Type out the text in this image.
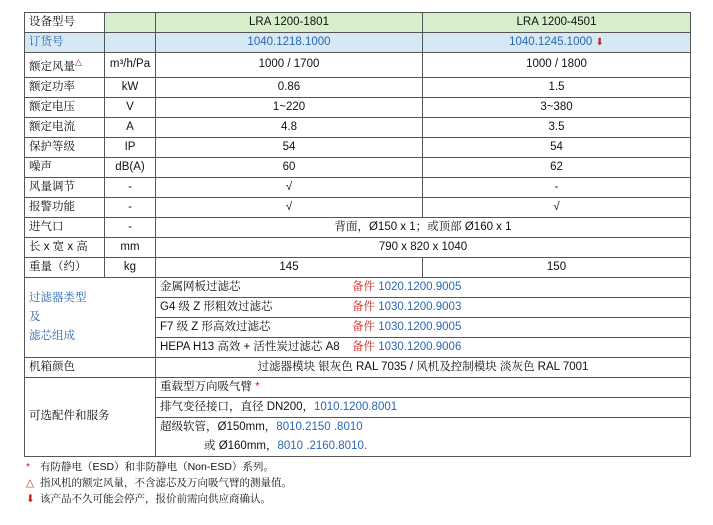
设备型号		LRA 1200-1801	LRA 1200-4501
订货号		1040.1218.1000	1040.1245.1000 ⬇
额定风量△	m³/h/Pa	1000 / 1700	1000 / 1800
额定功率	kW	0.86	1.5
额定电压	V	1~220	3~380
额定电流	A	4.8	3.5
保护等级	IP	54	54
噪声	dB(A)	60	62
风量调节	-	√	-
报警功能	-	√	√
进气口	-	背面，Ø150 x 1；或顶部 Ø160 x 1	
长 x 宽 x 高	mm	790 x 820 x 1040	
重量（约）	kg	145	150

过滤器类型
及
滤芯组成		金属网板过滤芯 备件 1020.1200.9005	
		G4 级 Z 形粗效过滤芯 备件 1030.1200.9003	
		F7 级 Z 形高效过滤芯 备件 1030.1200.9005	
		HEPA H13 高效 + 活性炭过滤芯 A8 备件 1030.1200.9006	
机箱颜色		过滤器模块 银灰色 RAL 7035 / 风机及控制模块 淡灰色 RAL 7001	
可选配件和服务		重载型万向吸气臂 *	
		排气变径接口，直径 DN200，1010.1200.8001	

		超级软管，Ø150mm，8010.2150 .8010
或 Ø160mm，8010 .2160.8010.	
* 有防静电（ESD）和非防静电（Non-ESD）系列。
△ 指风机的额定风量，不含滤芯及万向吸气臂的测量值。
⬇ 该产品不久可能会停产，报价前需向供应商确认。
